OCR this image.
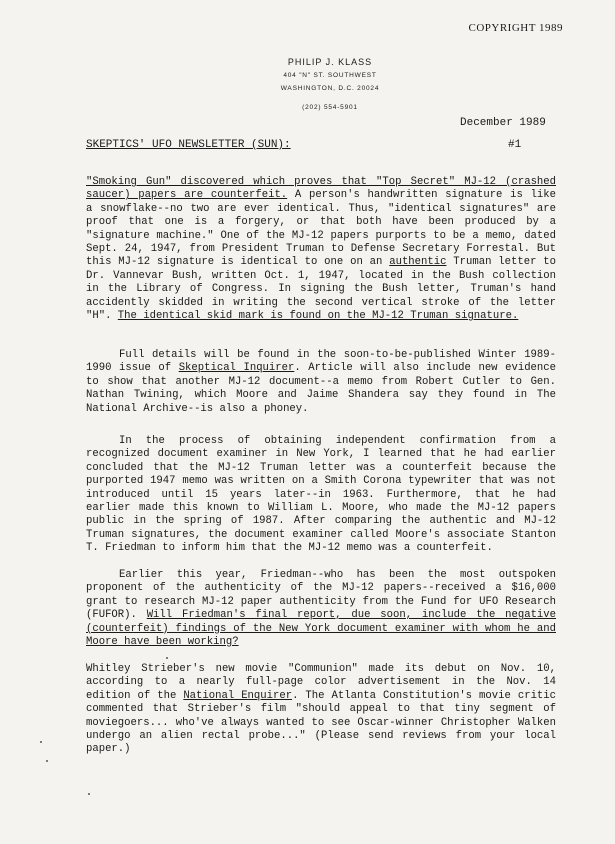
COPYRIGHT 1989
PHILIP J. KLASS
404 "N" ST. SOUTHWEST
WASHINGTON, D.C. 20024
(202) 554-5901
December 1989
SKEPTICS' UFO NEWSLETTER (SUN):	#1

"Smoking Gun" discovered which proves that "Top Secret" MJ-12 (crashed saucer) papers are counterfeit. A person's handwritten signature is like a snowflake--no two are ever identical. Thus, "identical signatures" are proof that one is a forgery, or that both have been produced by a "signature machine." One of the MJ-12 papers purports to be a memo, dated Sept. 24, 1947, from President Truman to Defense Secretary Forrestal. But this MJ-12 signature is identical to one on an authentic Truman letter to Dr. Vannevar Bush, written Oct. 1, 1947, located in the Bush collection in the Library of Congress. In signing the Bush letter, Truman's hand accidently skidded in writing the second vertical stroke of the letter "H". The identical skid mark is found on the MJ-12 Truman signature.

Full details will be found in the soon-to-be-published Winter 1989-1990 issue of Skeptical Inquirer. Article will also include new evidence to show that another MJ-12 document--a memo from Robert Cutler to Gen. Nathan Twining, which Moore and Jaime Shandera say they found in The National Archive--is also a phoney.

In the process of obtaining independent confirmation from a recognized document examiner in New York, I learned that he had earlier concluded that the MJ-12 Truman letter was a counterfeit because the purported 1947 memo was written on a Smith Corona typewriter that was not introduced until 15 years later--in 1963. Furthermore, that he had earlier made this known to William L. Moore, who made the MJ-12 papers public in the spring of 1987. After comparing the authentic and MJ-12 Truman signatures, the document examiner called Moore's associate Stanton T. Friedman to inform him that the MJ-12 memo was a counterfeit.

Earlier this year, Friedman--who has been the most outspoken proponent of the authenticity of the MJ-12 papers--received a $16,000 grant to research MJ-12 paper authenticity from the Fund for UFO Research (FUFOR). Will Friedman's final report, due soon, include the negative (counterfeit) findings of the New York document examiner with whom he and Moore have been working?

Whitley Strieber's new movie "Communion" made its debut on Nov. 10, according to a nearly full-page color advertisement in the Nov. 14 edition of the National Enquirer. The Atlanta Constitution's movie critic commented that Strieber's film "should appeal to that tiny segment of moviegoers... who've always wanted to see Oscar-winner Christopher Walken undergo an alien rectal probe..." (Please send reviews from your local paper.)
